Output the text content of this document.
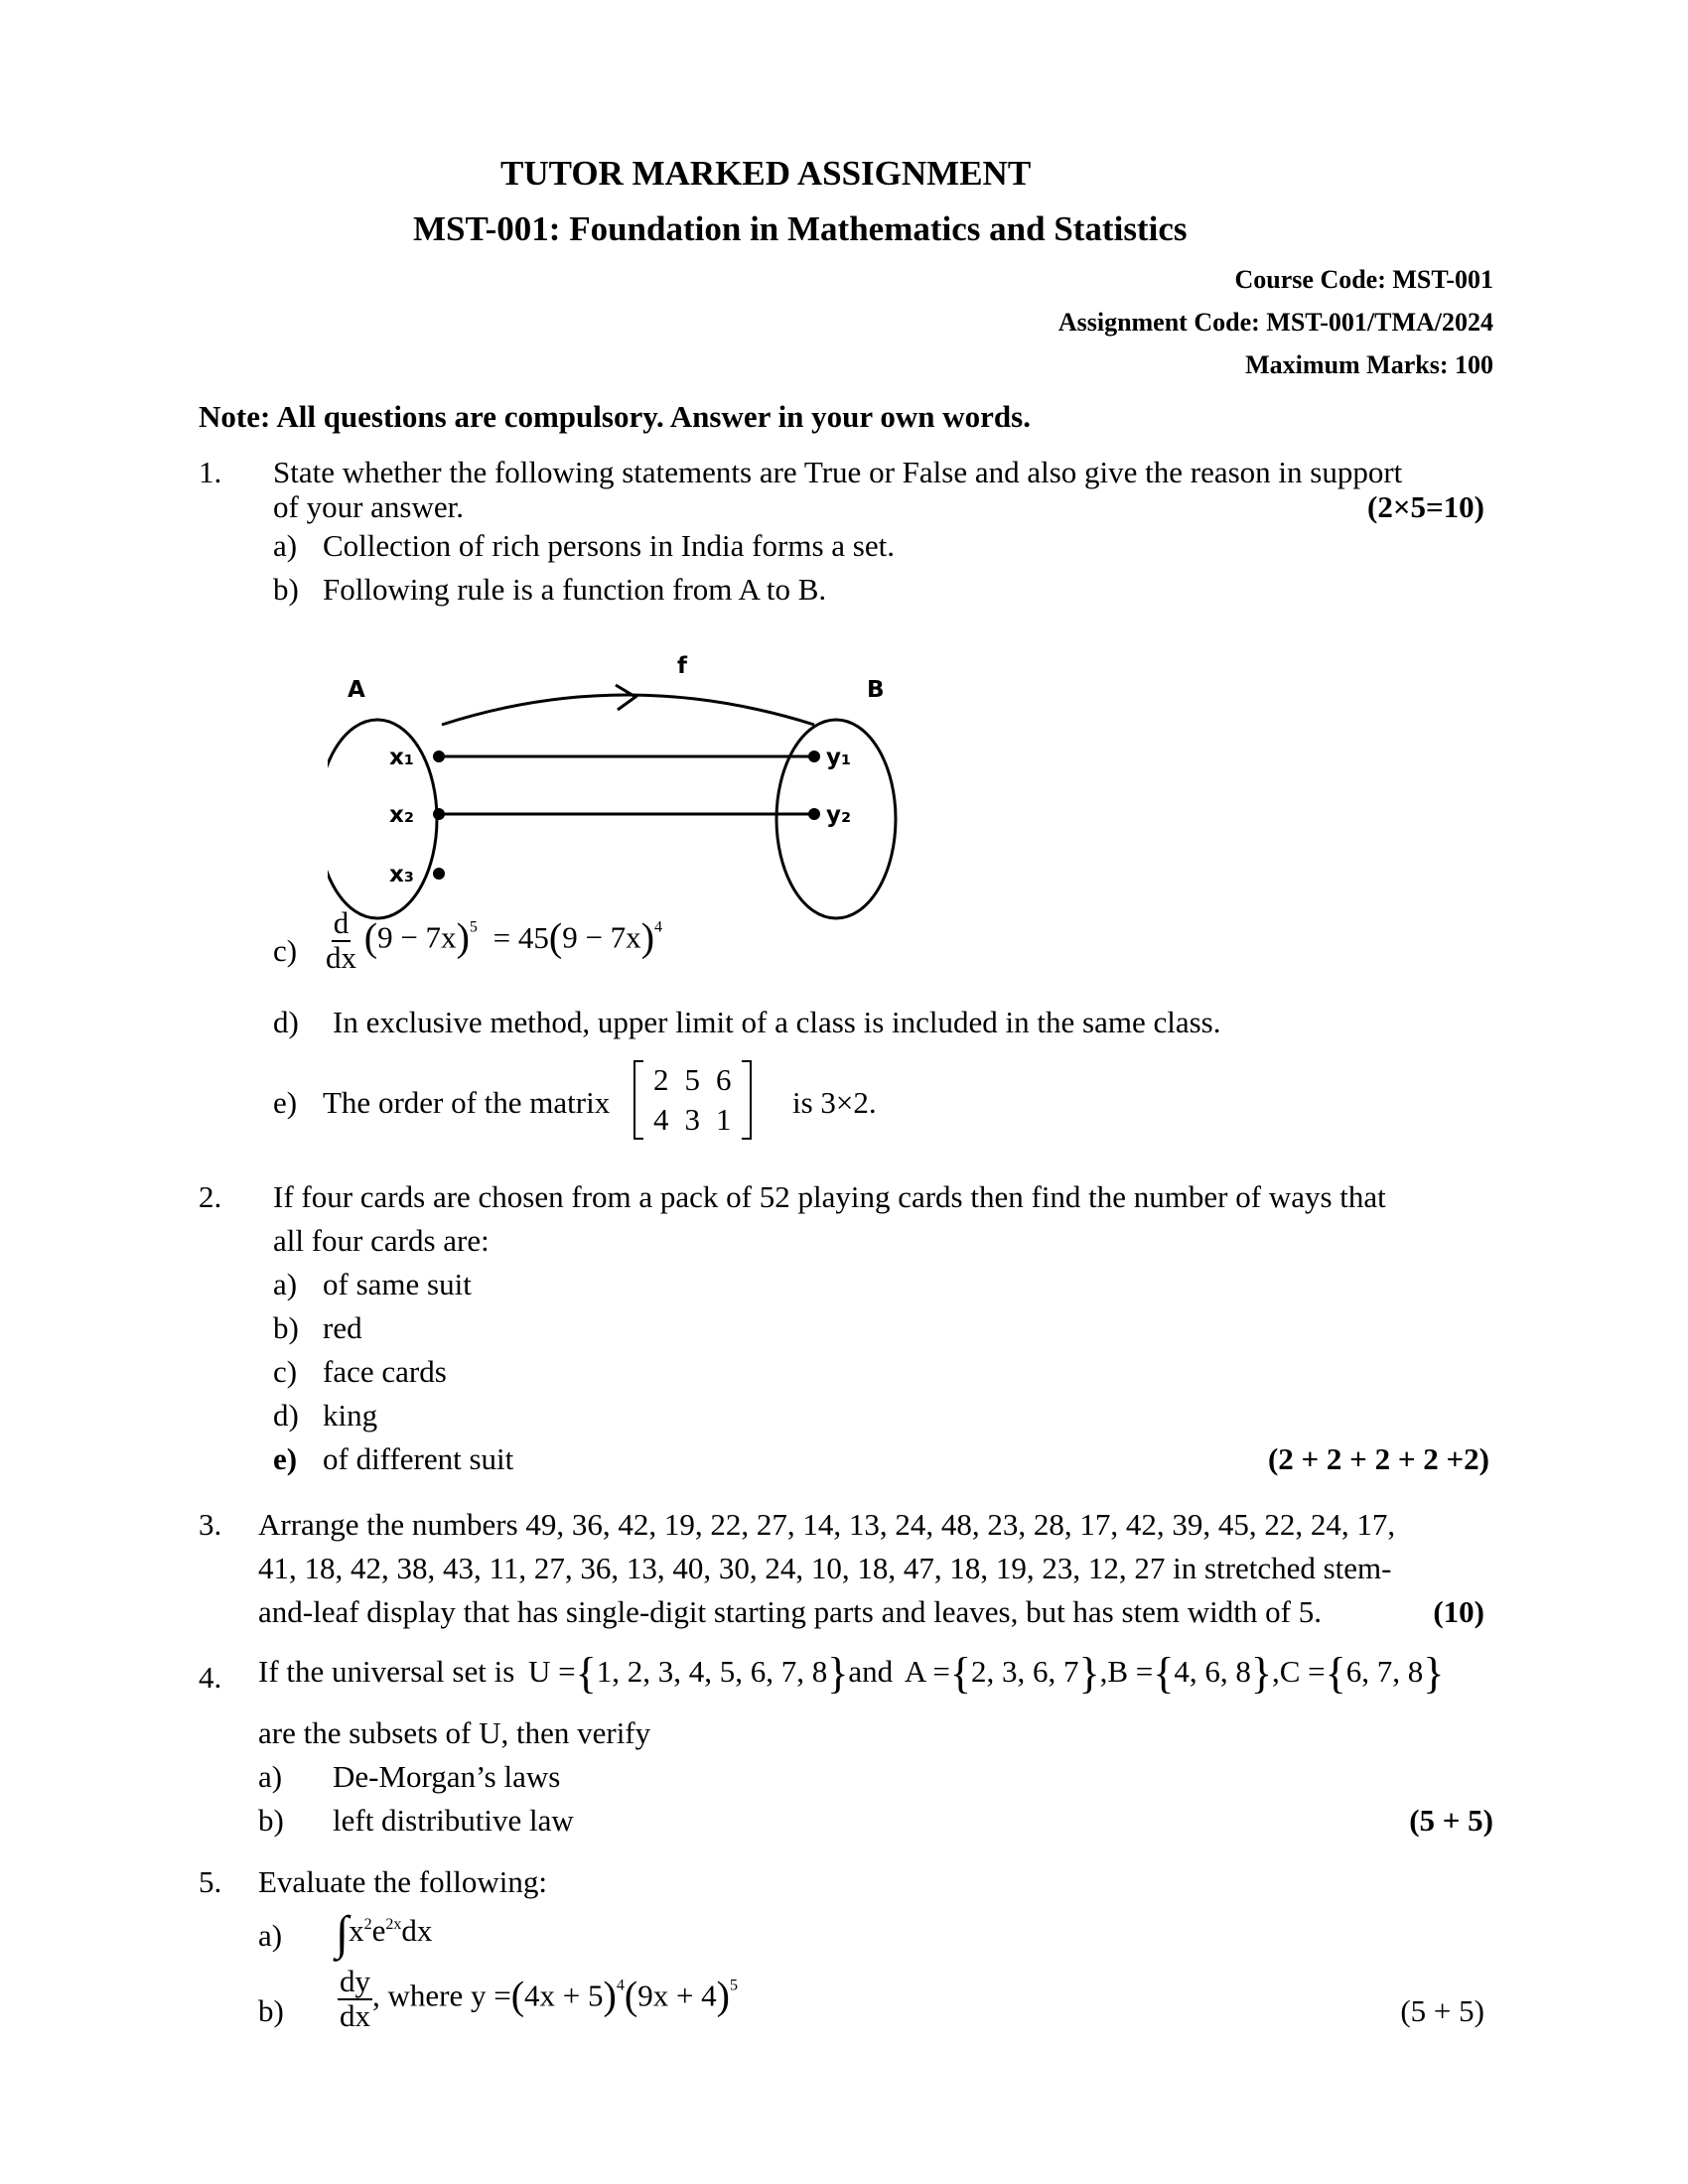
TUTOR MARKED ASSIGNMENT
MST-001: Foundation in Mathematics and Statistics
Course Code: MST-001
Assignment Code: MST-001/TMA/2024
Maximum Marks: 100
Note: All questions are compulsory. Answer in your own words.
1. State whether the following statements are True or False and also give the reason in support
of your answer.	(2×5=10)
a) Collection of rich persons in India forms a set.
b) Following rule is a function from A to B.
A	B
f
x₁
x₂
x₃
y₁
y₂
$c) \frac{d}{dx} (9 - 7x)^5 = 45(9 - 7x)^4$
d) In exclusive method, upper limit of a class is included in the same class.
e) The order of the matrix
2	5	6
4	3	1 is 3×2.
2. If four cards are chosen from a pack of 52 playing cards then find the number of ways that
all four cards are:
a) of same suit
b) red
c) face cards
d) king
e) of different suit	(2 + 2 + 2 + 2 +2)
3. Arrange the numbers 49, 36, 42, 19, 22, 27, 14, 13, 24, 48, 23, 28, 17, 42, 39, 45, 22, 24, 17,
41, 18, 42, 38, 43, 11, 27, 36, 13, 40, 30, 24, 10, 18, 47, 18, 19, 23, 12, 27 in stretched stem-
and-leaf display that has single-digit starting parts and leaves, but has stem width of 5.	(10)
4. If the universal set is U ={1, 2, 3, 4, 5, 6, 7, 8}and A ={2, 3, 6, 7},B ={4, 6, 8},C ={6, 7, 8}
are the subsets of U, then verify
a) De-Morgan’s laws
b) left distributive law	(5 + 5)
5. Evaluate the following:
a) $\int x^2e^{2x}dx$
$b) \frac{dy}{dx}$ , where $y =(4x + 5)^4(9x + 4)^5$
(5 + 5)
